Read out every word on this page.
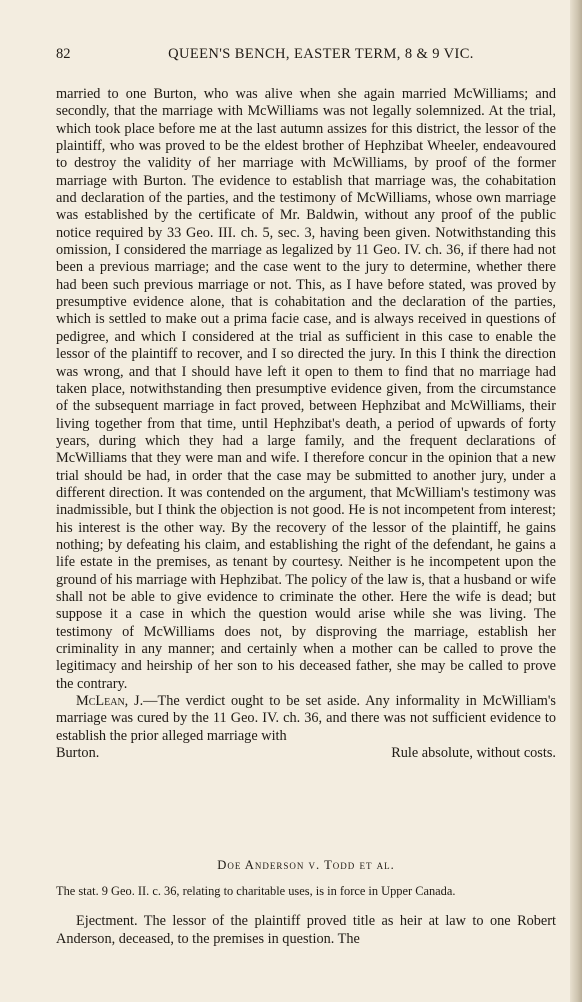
82	QUEEN'S BENCH, EASTER TERM, 8 & 9 VIC.

married to one Burton, who was alive when she again married McWilliams; and secondly, that the marriage with McWilliams was not legally solemnized. At the trial, which took place before me at the last autumn assizes for this district, the lessor of the plaintiff, who was proved to be the eldest brother of Hephzibat Wheeler, endeavoured to destroy the validity of her marriage with McWilliams, by proof of the former marriage with Burton. The evidence to establish that marriage was, the cohabitation and declaration of the parties, and the testimony of McWilliams, whose own marriage was established by the certificate of Mr. Baldwin, without any proof of the public notice required by 33 Geo. III. ch. 5, sec. 3, having been given. Notwithstanding this omission, I considered the marriage as legalized by 11 Geo. IV. ch. 36, if there had not been a previous marriage; and the case went to the jury to determine, whether there had been such previous marriage or not. This, as I have before stated, was proved by presumptive evidence alone, that is cohabitation and the declaration of the parties, which is settled to make out a prima facie case, and is always received in questions of pedigree, and which I considered at the trial as sufficient in this case to enable the lessor of the plaintiff to recover, and I so directed the jury. In this I think the direction was wrong, and that I should have left it open to them to find that no marriage had taken place, notwithstanding then presumptive evidence given, from the circumstance of the subsequent marriage in fact proved, between Hephzibat and McWilliams, their living together from that time, until Hephzibat's death, a period of upwards of forty years, during which they had a large family, and the frequent declarations of McWilliams that they were man and wife. I therefore concur in the opinion that a new trial should be had, in order that the case may be submitted to another jury, under a different direction. It was contended on the argument, that McWilliam's testimony was inadmissible, but I think the objection is not good. He is not incompetent from interest; his interest is the other way. By the recovery of the lessor of the plaintiff, he gains nothing; by defeating his claim, and establishing the right of the defendant, he gains a life estate in the premises, as tenant by courtesy. Neither is he incompetent upon the ground of his marriage with Hephzibat. The policy of the law is, that a husband or wife shall not be able to give evidence to criminate the other. Here the wife is dead; but suppose it a case in which the question would arise while she was living. The testimony of McWilliams does not, by disproving the marriage, establish her criminality in any manner; and certainly when a mother can be called to prove the legitimacy and heirship of her son to his deceased father, she may be called to prove the contrary.

McLean, J.—The verdict ought to be set aside. Any informality in McWilliam's marriage was cured by the 11 Geo. IV. ch. 36, and there was not sufficient evidence to establish the prior alleged marriage with

Burton.	Rule absolute, without costs.
Doe Anderson v. Todd et al.
The stat. 9 Geo. II. c. 36, relating to charitable uses, is in force in Upper Canada.

Ejectment. The lessor of the plaintiff proved title as heir at law to one Robert Anderson, deceased, to the premises in question. The
